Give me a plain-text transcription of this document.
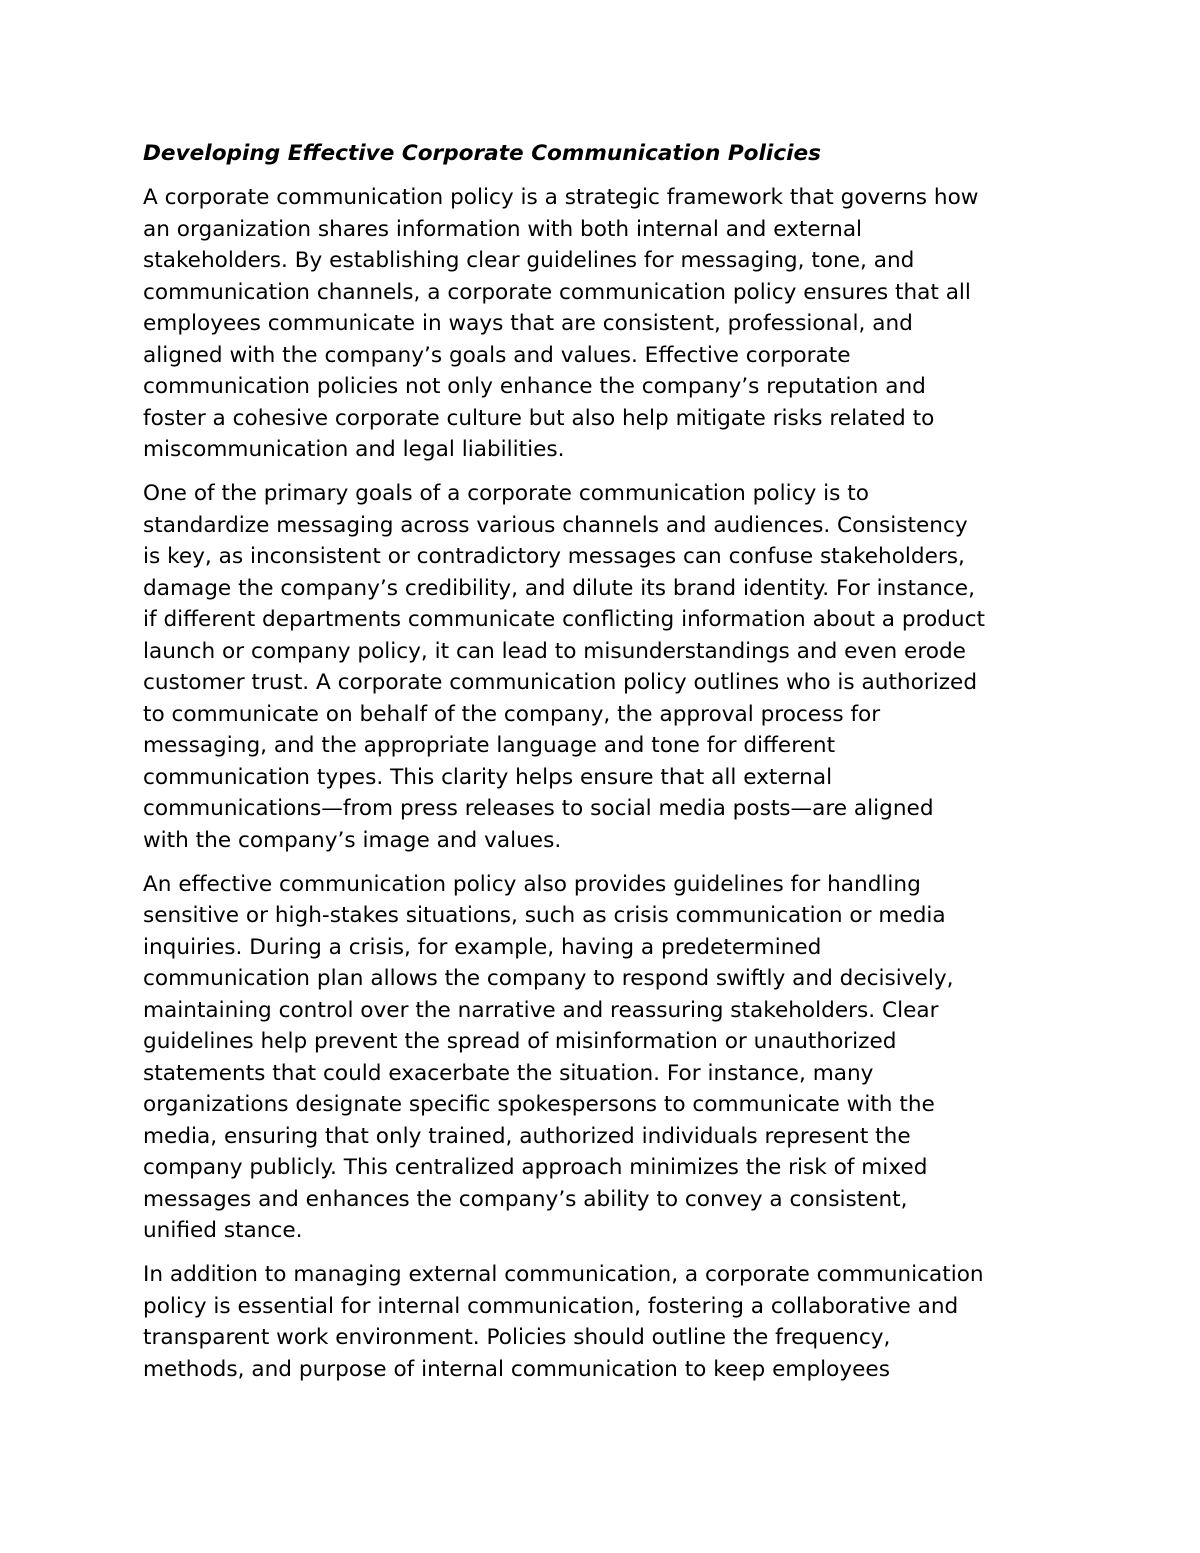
Developing Effective Corporate Communication Policies
A corporate communication policy is a strategic framework that governs how
an organization shares information with both internal and external
stakeholders. By establishing clear guidelines for messaging, tone, and
communication channels, a corporate communication policy ensures that all
employees communicate in ways that are consistent, professional, and
aligned with the company’s goals and values. Effective corporate
communication policies not only enhance the company’s reputation and
foster a cohesive corporate culture but also help mitigate risks related to
miscommunication and legal liabilities.
One of the primary goals of a corporate communication policy is to
standardize messaging across various channels and audiences. Consistency
is key, as inconsistent or contradictory messages can confuse stakeholders,
damage the company’s credibility, and dilute its brand identity. For instance,
if different departments communicate conflicting information about a product
launch or company policy, it can lead to misunderstandings and even erode
customer trust. A corporate communication policy outlines who is authorized
to communicate on behalf of the company, the approval process for
messaging, and the appropriate language and tone for different
communication types. This clarity helps ensure that all external
communications—from press releases to social media posts—are aligned
with the company’s image and values.
An effective communication policy also provides guidelines for handling
sensitive or high-stakes situations, such as crisis communication or media
inquiries. During a crisis, for example, having a predetermined
communication plan allows the company to respond swiftly and decisively,
maintaining control over the narrative and reassuring stakeholders. Clear
guidelines help prevent the spread of misinformation or unauthorized
statements that could exacerbate the situation. For instance, many
organizations designate specific spokespersons to communicate with the
media, ensuring that only trained, authorized individuals represent the
company publicly. This centralized approach minimizes the risk of mixed
messages and enhances the company’s ability to convey a consistent,
unified stance.
In addition to managing external communication, a corporate communication
policy is essential for internal communication, fostering a collaborative and
transparent work environment. Policies should outline the frequency,
methods, and purpose of internal communication to keep employees
